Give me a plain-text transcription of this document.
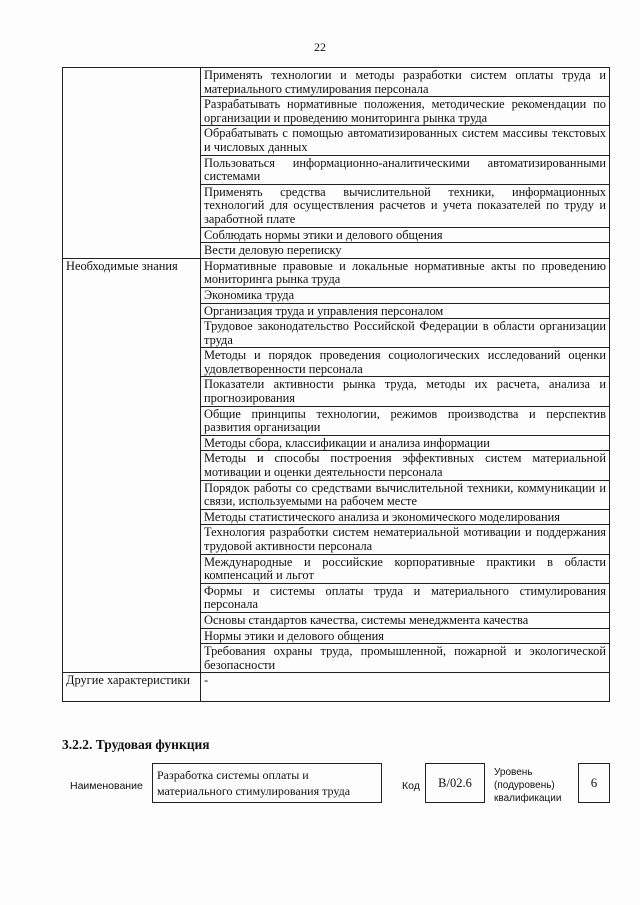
22
	Применять технологии и методы разработки систем оплаты труда и материального стимулирования персонала
	Разрабатывать нормативные положения, методические рекомендации по организации и проведению мониторинга рынка труда
	Обрабатывать с помощью автоматизированных систем массивы текстовых и числовых данных
	Пользоваться информационно-аналитическими автоматизированными системами
	Применять средства вычислительной техники, информационных технологий для осуществления расчетов и учета показателей по труду и заработной плате
	Соблюдать нормы этики и делового общения
	Вести деловую переписку
Необходимые знания	Нормативные правовые и локальные нормативные акты по проведению мониторинга рынка труда
	Экономика труда
	Организация труда и управления персоналом
	Трудовое законодательство Российской Федерации в области организации труда
	Методы и порядок проведения социологических исследований оценки удовлетворенности персонала
	Показатели активности рынка труда, методы их расчета, анализа и прогнозирования
	Общие принципы технологии, режимов производства и перспектив развития организации
	Методы сбора, классификации и анализа информации
	Методы и способы построения эффективных систем материальной мотивации и оценки деятельности персонала
	Порядок работы со средствами вычислительной техники, коммуникации и связи, используемыми на рабочем месте
	Методы статистического анализа и экономического моделирования
	Технология разработки систем нематериальной мотивации и поддержания трудовой активности персонала
	Международные и российские корпоративные практики в области компенсаций и льгот
	Формы и системы оплаты труда и материального стимулирования персонала
	Основы стандартов качества, системы менеджмента качества
	Нормы этики и делового общения
	Требования охраны труда, промышленной, пожарной и экологической безопасности
Другие характеристики	-
3.2.2. Трудовая функция
Наименование
Разработка системы оплаты и материального стимулирования труда	Код	B/02.6
Уровень
(подуровень)
квалификации
6
